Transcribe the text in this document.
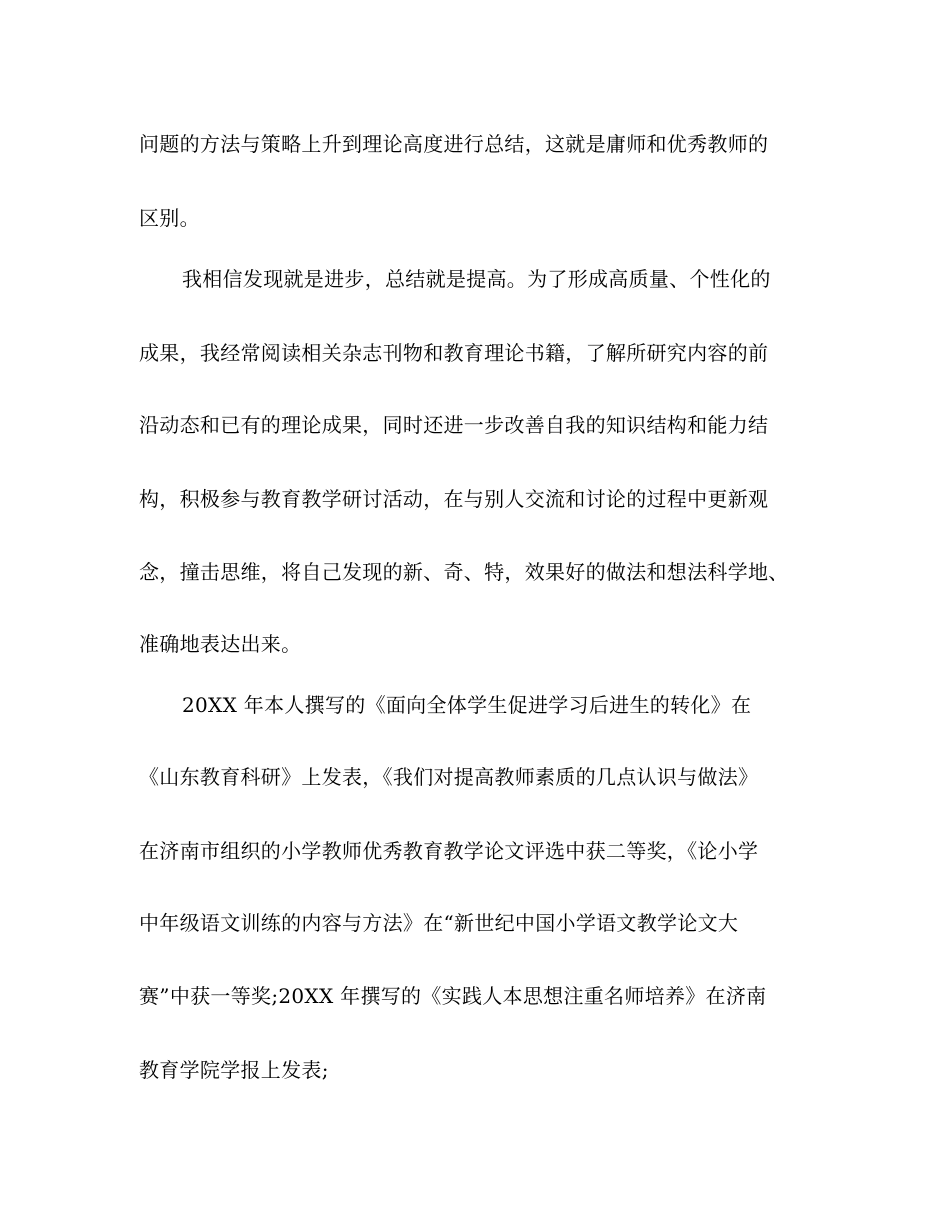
问题的方法与策略上升到理论高度进行总结，这就是庸师和优秀教师的
区别。
我相信发现就是进步，总结就是提高。为了形成高质量、个性化的
成果，我经常阅读相关杂志刊物和教育理论书籍，了解所研究内容的前
沿动态和已有的理论成果，同时还进一步改善自我的知识结构和能力结
构，积极参与教育教学研讨活动，在与别人交流和讨论的过程中更新观
念，撞击思维，将自己发现的新、奇、特，效果好的做法和想法科学地、
准确地表达出来。
20XX 年本人撰写的《面向全体学生促进学习后进生的转化》在
《山东教育科研》上发表，《我们对提高教师素质的几点认识与做法》
在济南市组织的小学教师优秀教育教学论文评选中获二等奖，《论小学
中年级语文训练的内容与方法》在“新世纪中国小学语文教学论文大
赛”中获一等奖;20XX 年撰写的《实践人本思想注重名师培养》在济南
教育学院学报上发表;
